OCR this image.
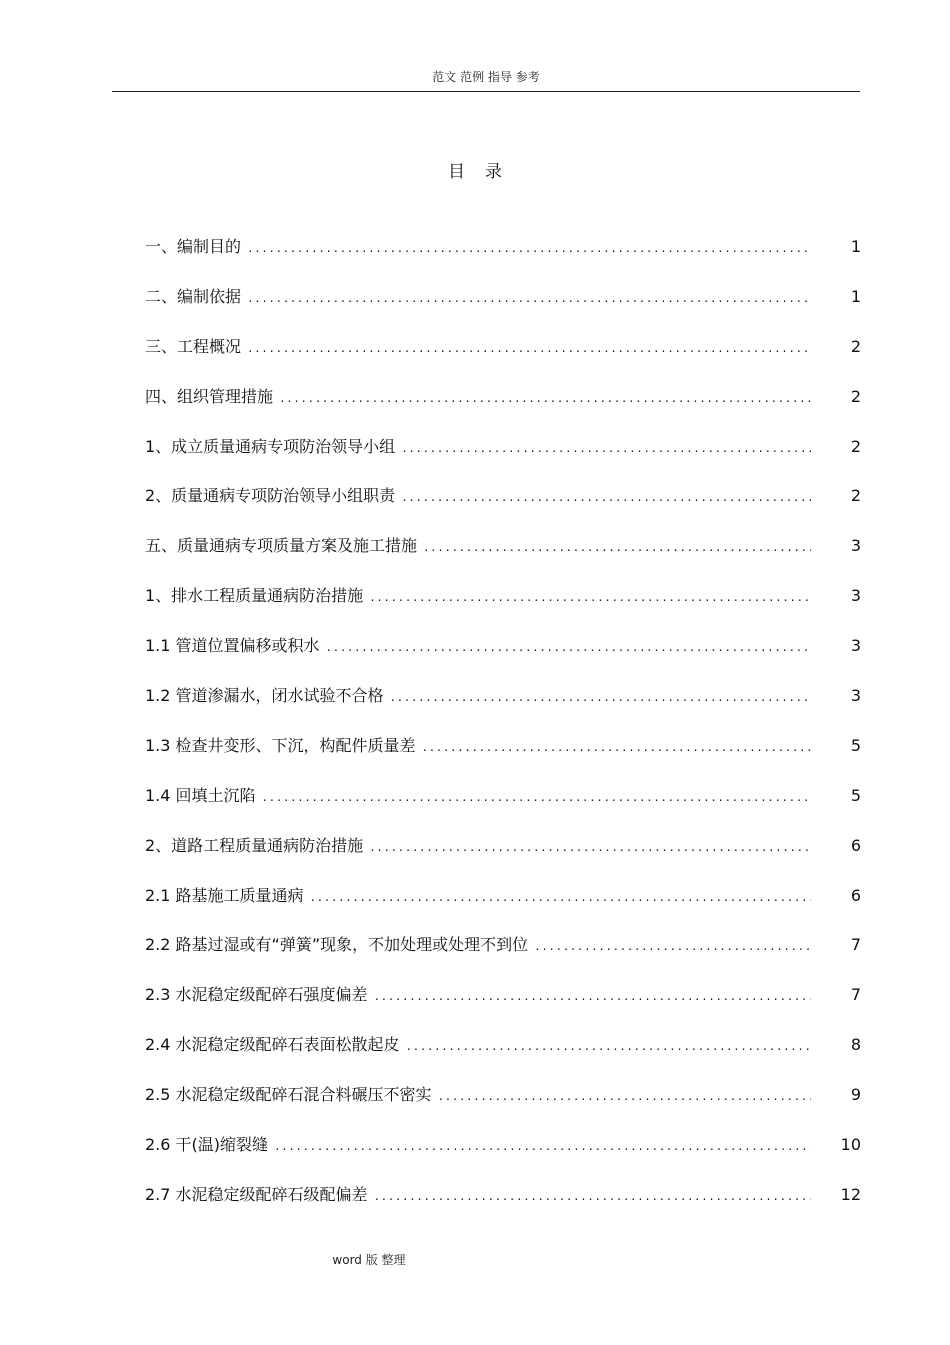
范文 范例 指导 参考
目录
一、编制目的 .....	1
二、编制依据 .....	1
三、工程概况 .....	2
四、组织管理措施 .....	2
1、成立质量通病专项防治领导小组 .....	2
2、质量通病专项防治领导小组职责 .....	2
五、质量通病专项质量方案及施工措施 .....	3
1、排水工程质量通病防治措施 .....	3
1.1 管道位置偏移或积水 .....	3
1.2 管道渗漏水，闭水试验不合格 .....	3
1.3 检查井变形、下沉，构配件质量差 .....	5
1.4 回填土沉陷 .....	5
2、道路工程质量通病防治措施 .....	6
2.1 路基施工质量通病 .....	6
2.2 路基过湿或有“弹簧”现象，不加处理或处理不到位 .....	7
2.3 水泥稳定级配碎石强度偏差 .....	7
2.4 水泥稳定级配碎石表面松散起皮 .....	8
2.5 水泥稳定级配碎石混合料碾压不密实 .....	9
2.6 干(温)缩裂缝 .....	10
2.7 水泥稳定级配碎石级配偏差 .....	12
word 版 整理
